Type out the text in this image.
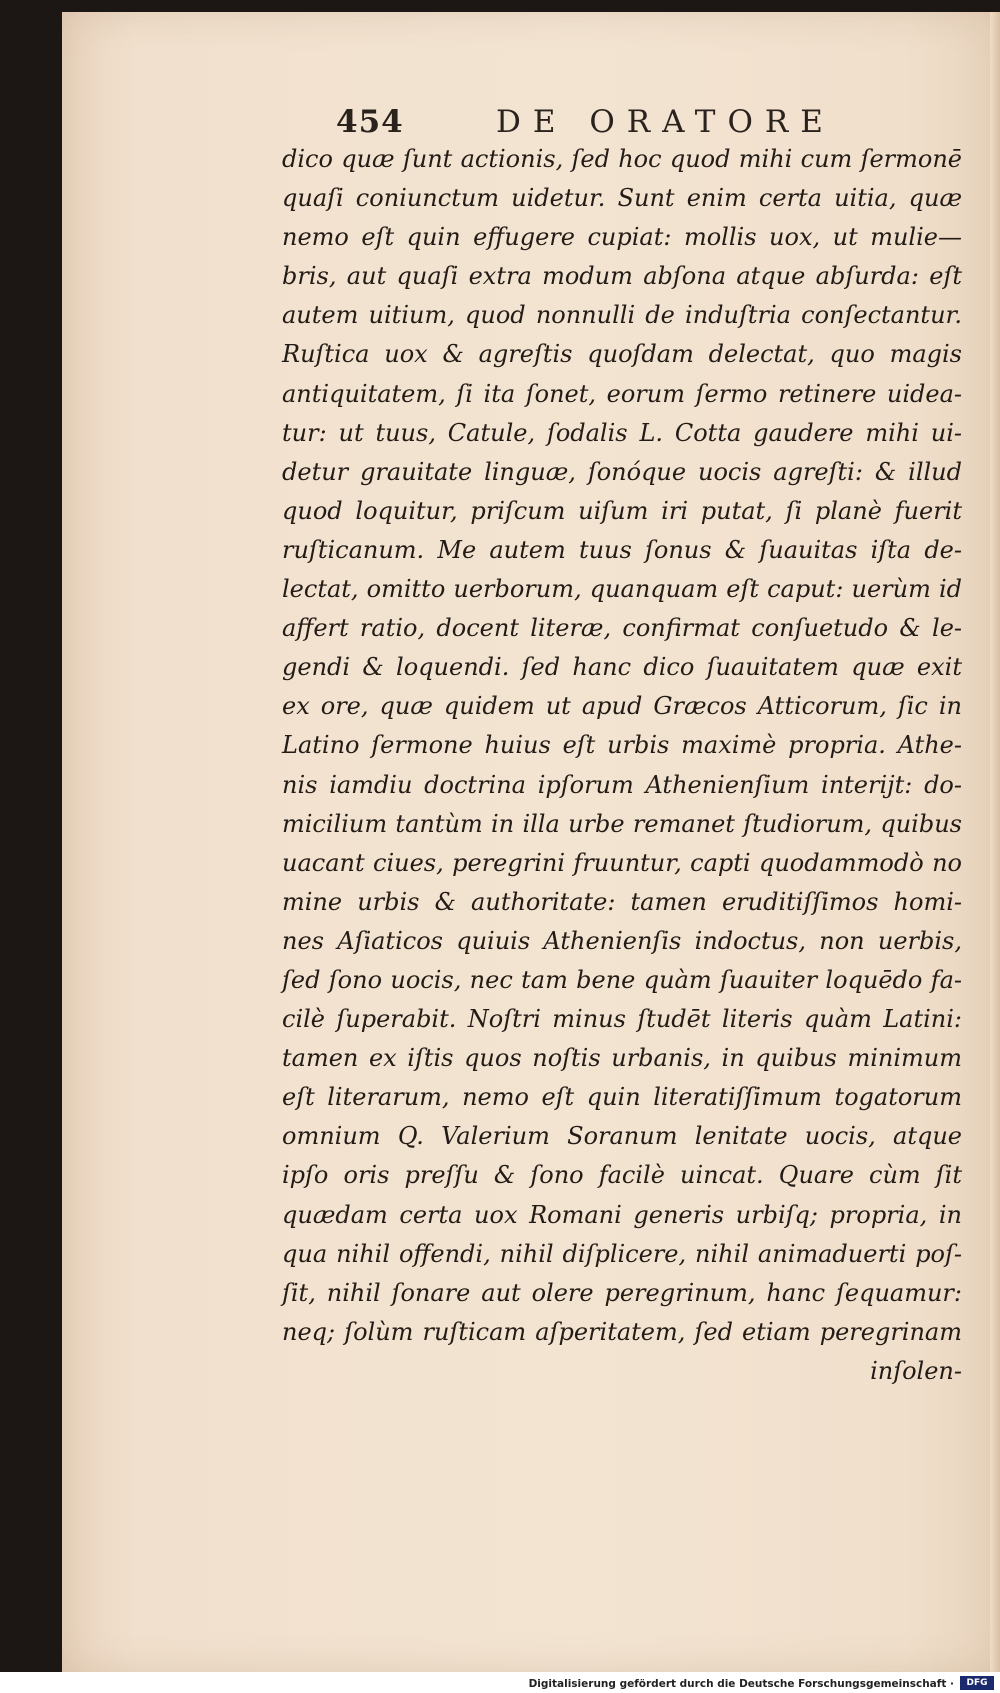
454	DE ORATORE
dico quæ ſunt actionis, ſed hoc quod mihi cum ſermonē
quaſi coniunctum uidetur. Sunt enim certa uitia, quæ
nemo eſt quin effugere cupiat: mollis uox, ut mulie—
bris, aut quaſi extra modum abſona atque abſurda: eſt
autem uitium, quod nonnulli de induſtria conſectantur.
Ruſtica uox & agreſtis quoſdam delectat, quo magis
antiquitatem, ſi ita ſonet, eorum ſermo retinere uidea-
tur: ut tuus, Catule, ſodalis L. Cotta gaudere mihi ui-
detur grauitate linguæ, ſonóque uocis agreſti: & illud
quod loquitur, priſcum uiſum iri putat, ſi planè fuerit
ruſticanum. Me autem tuus ſonus & ſuauitas iſta de-
lectat, omitto uerborum, quanquam eſt caput: uerùm id
affert ratio, docent literæ, confirmat conſuetudo & le-
gendi & loquendi. ſed hanc dico ſuauitatem quæ exit
ex ore, quæ quidem ut apud Græcos Atticorum, ſic in
Latino ſermone huius eſt urbis maximè propria. Athe-
nis iamdiu doctrina ipſorum Athenienſium interijt: do-
micilium tantùm in illa urbe remanet ſtudiorum, quibus
uacant ciues, peregrini fruuntur, capti quodammodò no
mine urbis & authoritate: tamen eruditiſſimos homi-
nes Aſiaticos quiuis Athenienſis indoctus, non uerbis,
ſed ſono uocis, nec tam bene quàm ſuauiter loquēdo fa-
cilè ſuperabit. Noſtri minus ſtudēt literis quàm Latini:
tamen ex iſtis quos noſtis urbanis, in quibus minimum
eſt literarum, nemo eſt quin literatiſſimum togatorum
omnium Q. Valerium Soranum lenitate uocis, atque
ipſo oris preſſu & ſono facilè uincat. Quare cùm ſit
quædam certa uox Romani generis urbiſq; propria, in
qua nihil offendi, nihil diſplicere, nihil animaduerti poſ-
ſit, nihil ſonare aut olere peregrinum, hanc ſequamur:
neq; ſolùm ruſticam aſperitatem, ſed etiam peregrinam
inſolen-
Digitalisierung gefördert durch die Deutsche Forschungsgemeinschaft ·	DFG
